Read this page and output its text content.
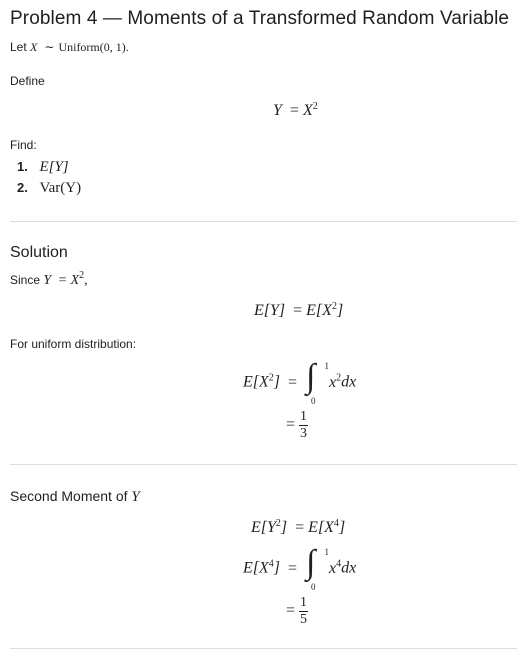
Problem 4 — Moments of a Transformed Random Variable
Let X ∼ Uniform(0, 1).
Define
$Y = X^2$
Find:
1. E[Y]
2. Var(Y)
Solution
Since $Y = X^2$,
$E[Y] = E[X^2]$
For uniform distribution:
$E[X^2]$ = ∫ 1
0
$x^2dx$
= $\frac{1}{3}$
Second Moment of Y
$E[Y^2] = E[X^4]$
$E[X^4]$ = ∫ 1
0
$x^4dx$
= $\frac{1}{5}$
